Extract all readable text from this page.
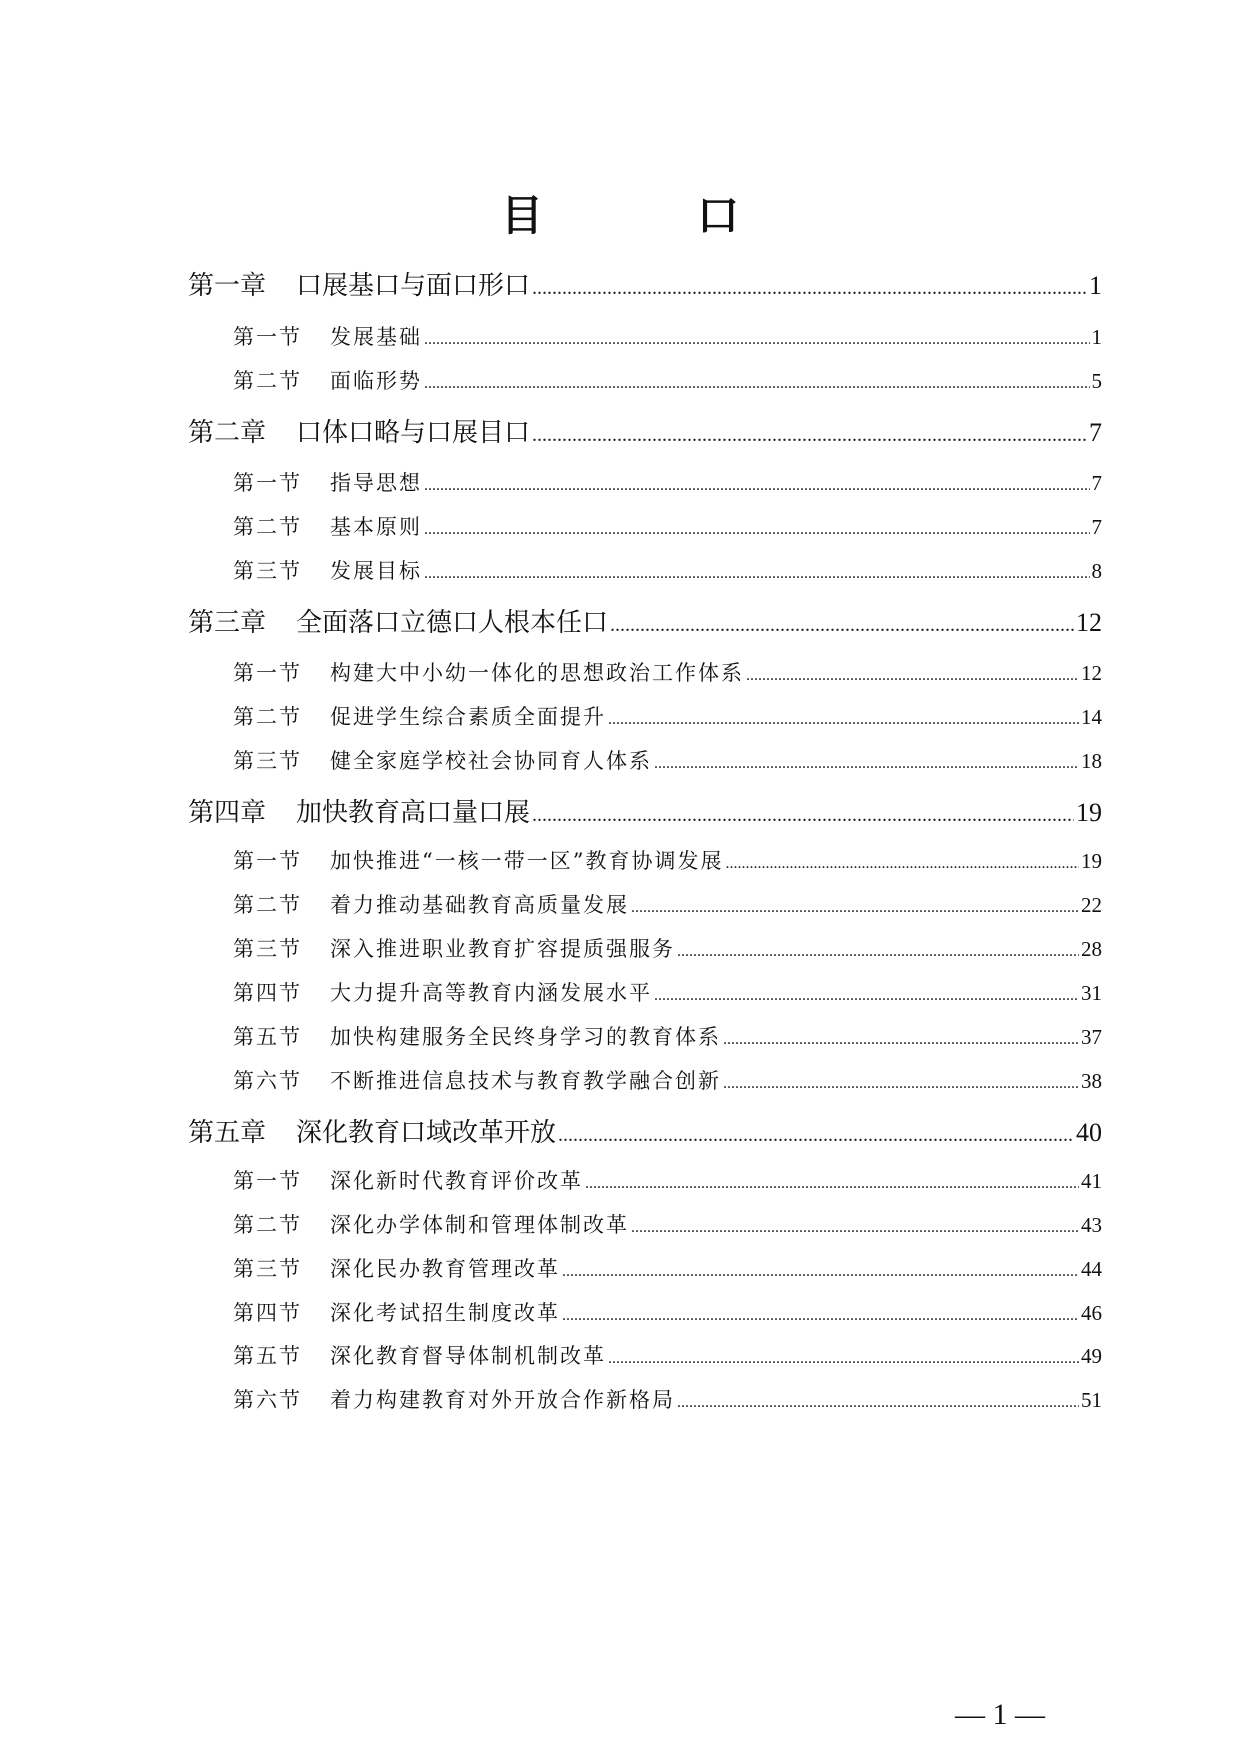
目　口
第一章 口展基口与面口形口 .....	1
第一节 发展基础 .....	1
第二节 面临形势 .....	5
第二章 口体口略与口展目口 .....	7
第一节 指导思想 .....	7
第二节 基本原则 .....	7
第三节 发展目标 .....	8
第三章 全面落口立德口人根本任口 .....	12
第一节 构建大中小幼一体化的思想政治工作体系 .....	12
第二节 促进学生综合素质全面提升 .....	14
第三节 健全家庭学校社会协同育人体系 .....	18
第四章 加快教育高口量口展 .....	19
第一节 加快推进“一核一带一区”教育协调发展 .....	19
第二节 着力推动基础教育高质量发展 .....	22
第三节 深入推进职业教育扩容提质强服务 .....	28
第四节 大力提升高等教育内涵发展水平 .....	31
第五节 加快构建服务全民终身学习的教育体系 .....	37
第六节 不断推进信息技术与教育教学融合创新 .....	38
第五章 深化教育口域改革开放 .....	40
第一节 深化新时代教育评价改革 .....	41
第二节 深化办学体制和管理体制改革 .....	43
第三节 深化民办教育管理改革 .....	44
第四节 深化考试招生制度改革 .....	46
第五节 深化教育督导体制机制改革 .....	49
第六节 着力构建教育对外开放合作新格局 .....	51
— 1 —
